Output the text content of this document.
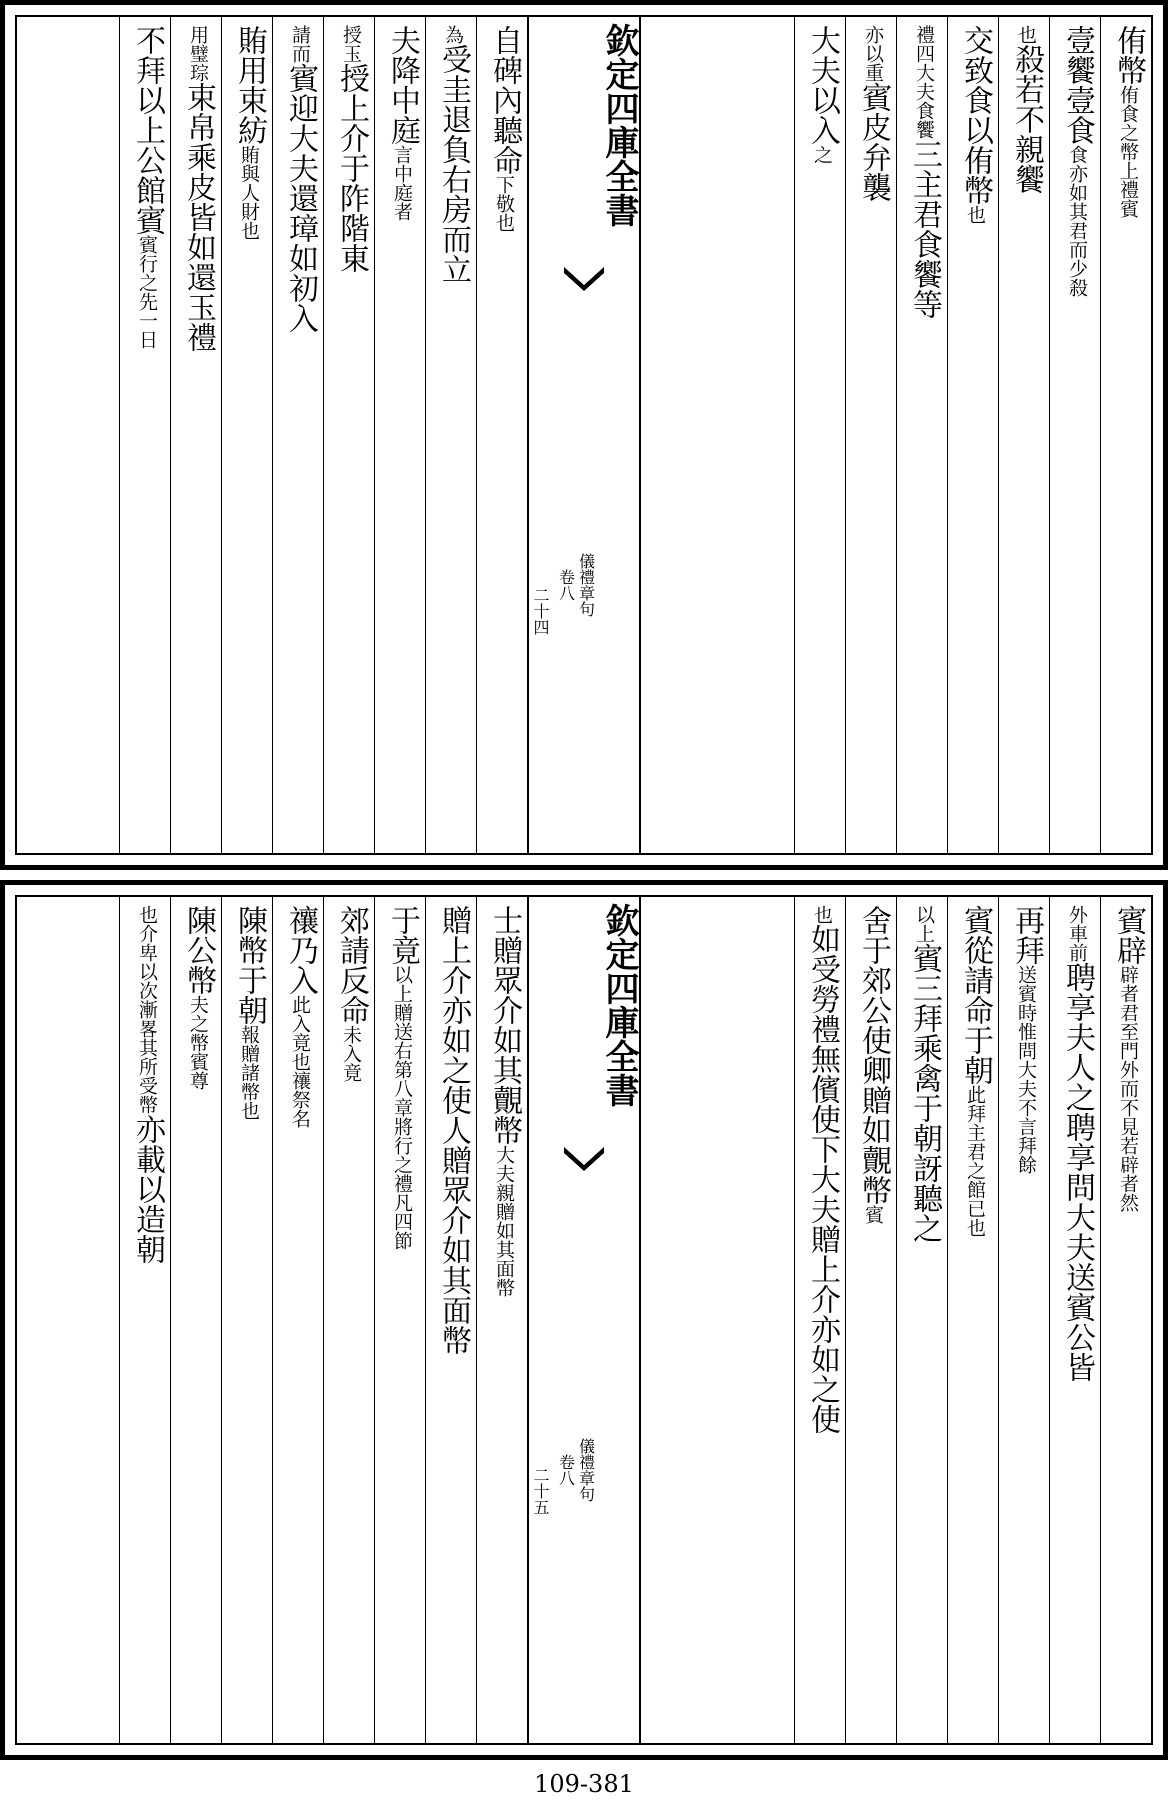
侑幣侑食之幣上禮賓
壹饗壹食食亦如其君而少殺
也殺若不親饗
交致食以侑幣也
禮四大夫食饗三主君食饗等
亦以重賓皮弁襲
大夫以入之
二十四 儀禮章句
卷八
欽定四庫全書
自碑內聽命下敬也
為受圭退負右房而立
夫降中庭言中庭者
授玉授上介于阼階東
請而賓迎大夫還璋如初入
賄用束紡賄與人財也
用璧琮束帛乘皮皆如還玉禮
不拜以上公館賓賓行之先一日
賓辟辟者君至門外而不見若辟者然
外車前聘享夫人之聘享問大夫送賓公皆
再拜送賓時惟問大夫不言拜餘
賓從請命于朝此拜主君之館已也
以上賓三拜乘禽于朝訝聽之
舍于郊公使卿贈如覿幣賓
也如受勞禮無儐使下大夫贈上介亦如之使
二十五 儀禮章句
卷八
欽定四庫全書
士贈眾介如其覿幣大夫親贈如其面幣
贈上介亦如之使人贈眾介如其面幣
于竟以上贈送右第八章將行之禮凡四節
郊請反命未入竟
禳乃入此入竟也禳祭名
陳幣于朝報贈諸幣也
陳公幣夫之幣賓尊
也介卑以次漸畧其所受幣亦載以造朝
109-381
